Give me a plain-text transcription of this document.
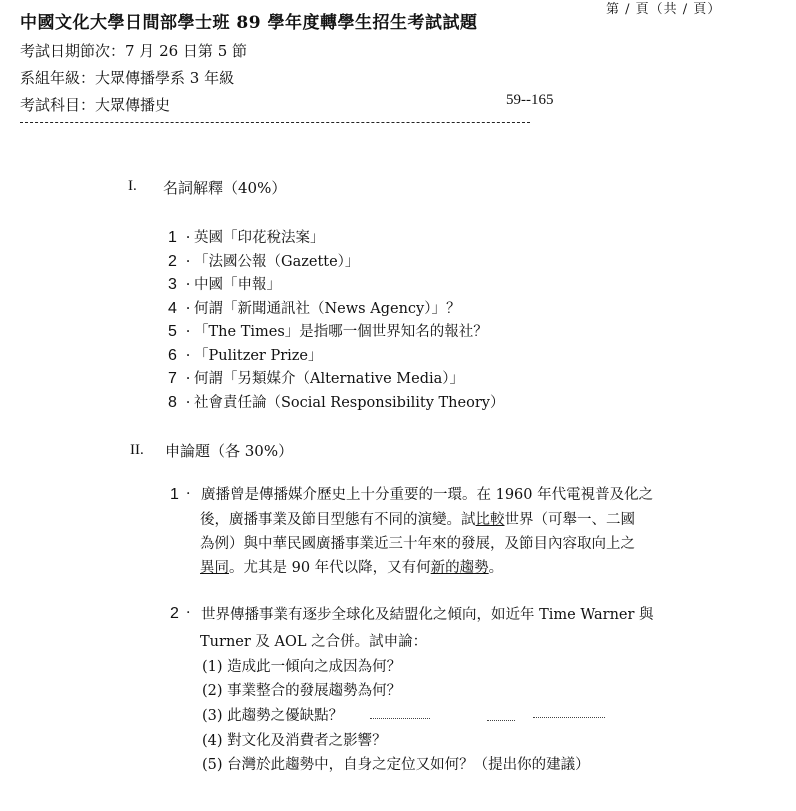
第 / 頁（共 / 頁）
中國文化大學日間部學士班 89 學年度轉學生招生考試試題
考試日期節次：7 月 26 日第 5 節
系組年級：大眾傳播學系 3 年級
考試科目：大眾傳播史	59--165
I. 名詞解釋（40%）
1 · 英國「印花稅法案」
2 · 「法國公報（Gazette）」
3 · 中國「申報」
4 · 何謂「新聞通訊社（News Agency）」？
5 · 「The Times」是指哪一個世界知名的報社？
6 · 「Pulitzer Prize」
7 · 何謂「另類媒介（Alternative Media）」
8 · 社會責任論（Social Responsibility Theory）
II. 申論題（各 30%）
1 · 廣播曾是傳播媒介歷史上十分重要的一環。在 1960 年代電視普及化之
後，廣播事業及節目型態有不同的演變。試比較世界（可舉一、二國
為例）與中華民國廣播事業近三十年來的發展，及節目內容取向上之
異同。尤其是 90 年代以降，又有何新的趨勢。
2 · 世界傳播事業有逐步全球化及結盟化之傾向，如近年 Time Warner 與
Turner 及 AOL 之合併。試申論：
(1) 造成此一傾向之成因為何？
(2) 事業整合的發展趨勢為何？
(3) 此趨勢之優缺點？
(4) 對文化及消費者之影響？
(5) 台灣於此趨勢中，自身之定位又如何？（提出你的建議）
